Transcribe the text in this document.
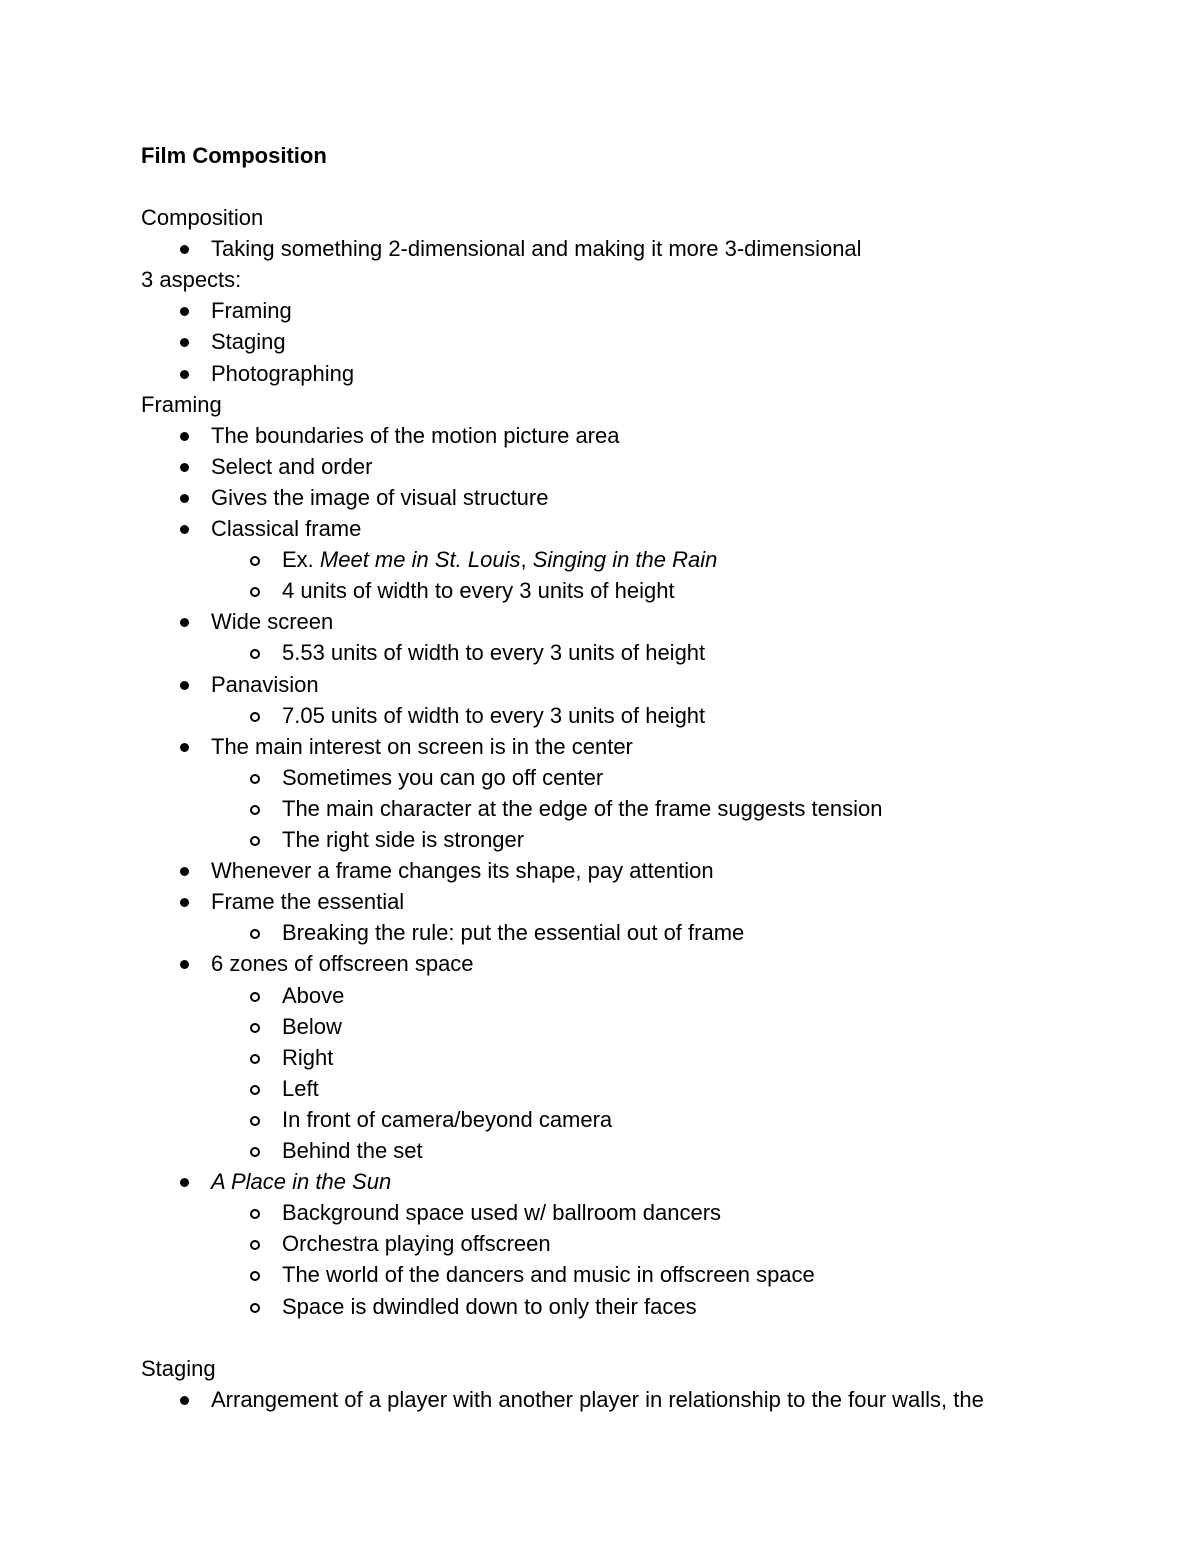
Film Composition
Composition
Taking something 2-dimensional and making it more 3-dimensional
3 aspects:
Framing
Staging
Photographing
Framing
The boundaries of the motion picture area
Select and order
Gives the image of visual structure
Classical frame
Ex. Meet me in St. Louis, Singing in the Rain
4 units of width to every 3 units of height
Wide screen
5.53 units of width to every 3 units of height
Panavision
7.05 units of width to every 3 units of height
The main interest on screen is in the center
Sometimes you can go off center
The main character at the edge of the frame suggests tension
The right side is stronger
Whenever a frame changes its shape, pay attention
Frame the essential
Breaking the rule: put the essential out of frame
6 zones of offscreen space
Above
Below
Right
Left
In front of camera/beyond camera
Behind the set
A Place in the Sun
Background space used w/ ballroom dancers
Orchestra playing offscreen
The world of the dancers and music in offscreen space
Space is dwindled down to only their faces
Staging
Arrangement of a player with another player in relationship to the four walls, the
